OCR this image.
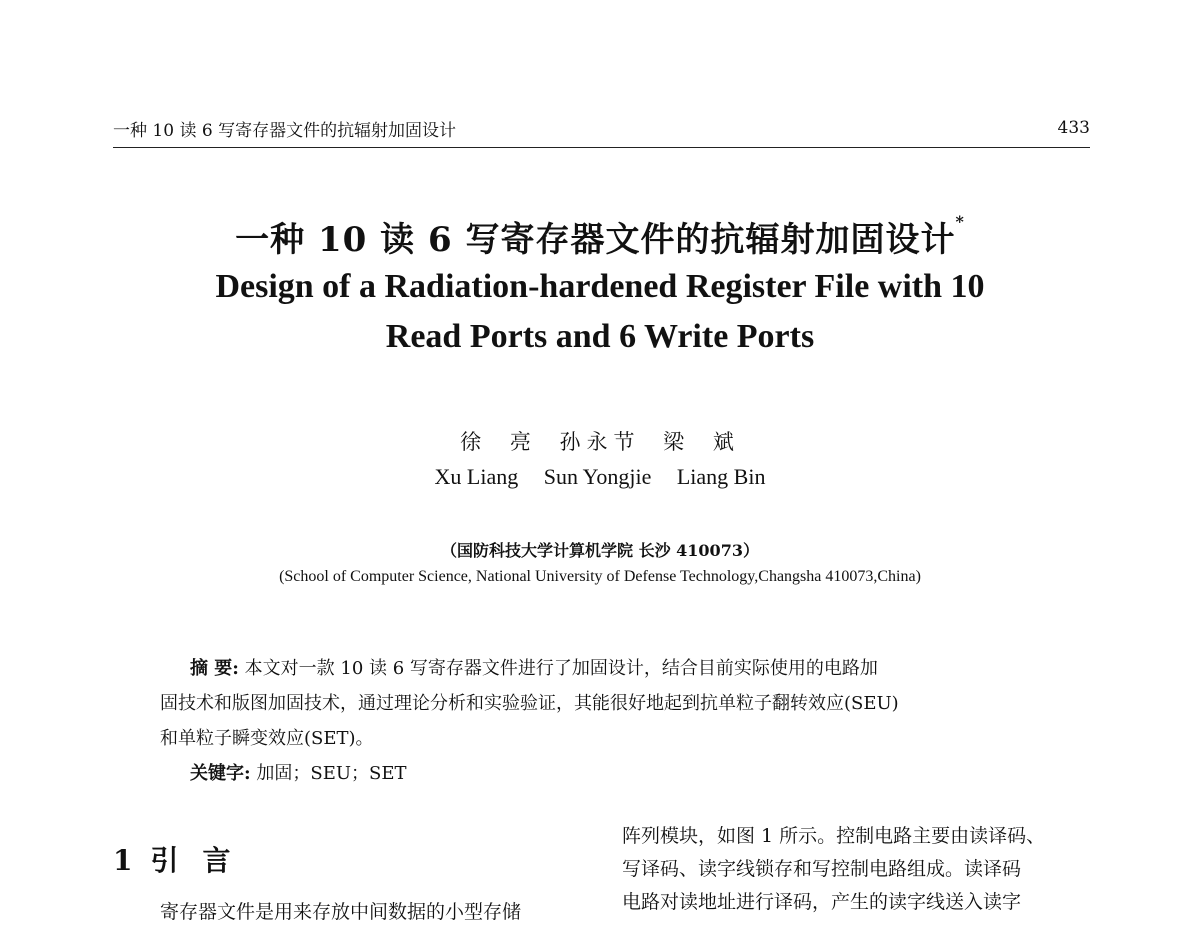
一种 10 读 6 写寄存器文件的抗辐射加固设计	433
一种 10 读 6 写寄存器文件的抗辐射加固设计*
Design of a Radiation-hardened Register File with 10
Read Ports and 6 Write Ports
徐 亮 孙永节 梁 斌
Xu Liang Sun Yongjie Liang Bin
（国防科技大学计算机学院 长沙 410073）
(School of Computer Science, National University of Defense Technology,Changsha 410073,China)

摘 要: 本文对一款 10 读 6 写寄存器文件进行了加固设计，结合目前实际使用的电路加

固技术和版图加固技术，通过理论分析和实验验证，其能很好地起到抗单粒子翻转效应(SEU)

和单粒子瞬变效应(SET)。

关键字: 加固；SEU；SET

1 引言
寄存器文件是用来存放中间数据的小型存储

阵列模块，如图 1 所示。控制电路主要由读译码、

写译码、读字线锁存和写控制电路组成。读译码

电路对读地址进行译码，产生的读字线送入读字
